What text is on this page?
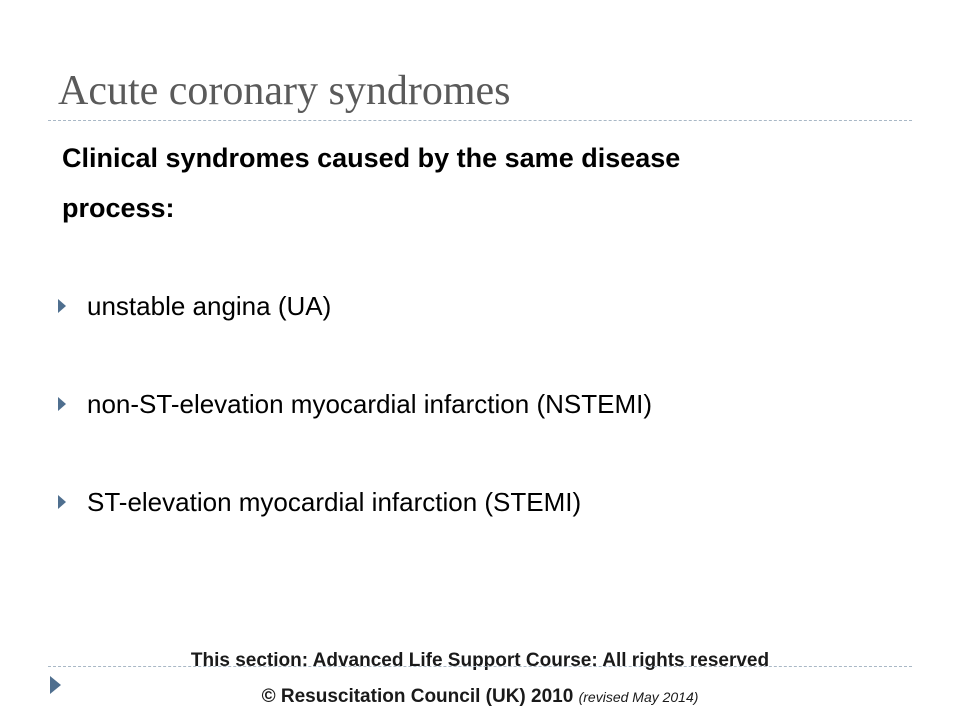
Acute coronary syndromes
Clinical syndromes caused by the same disease
process:
unstable angina (UA)
non-ST-elevation myocardial infarction (NSTEMI)
ST-elevation myocardial infarction (STEMI)
This section: Advanced Life Support Course: All rights reserved
© Resuscitation Council (UK) 2010 (revised May 2014)
